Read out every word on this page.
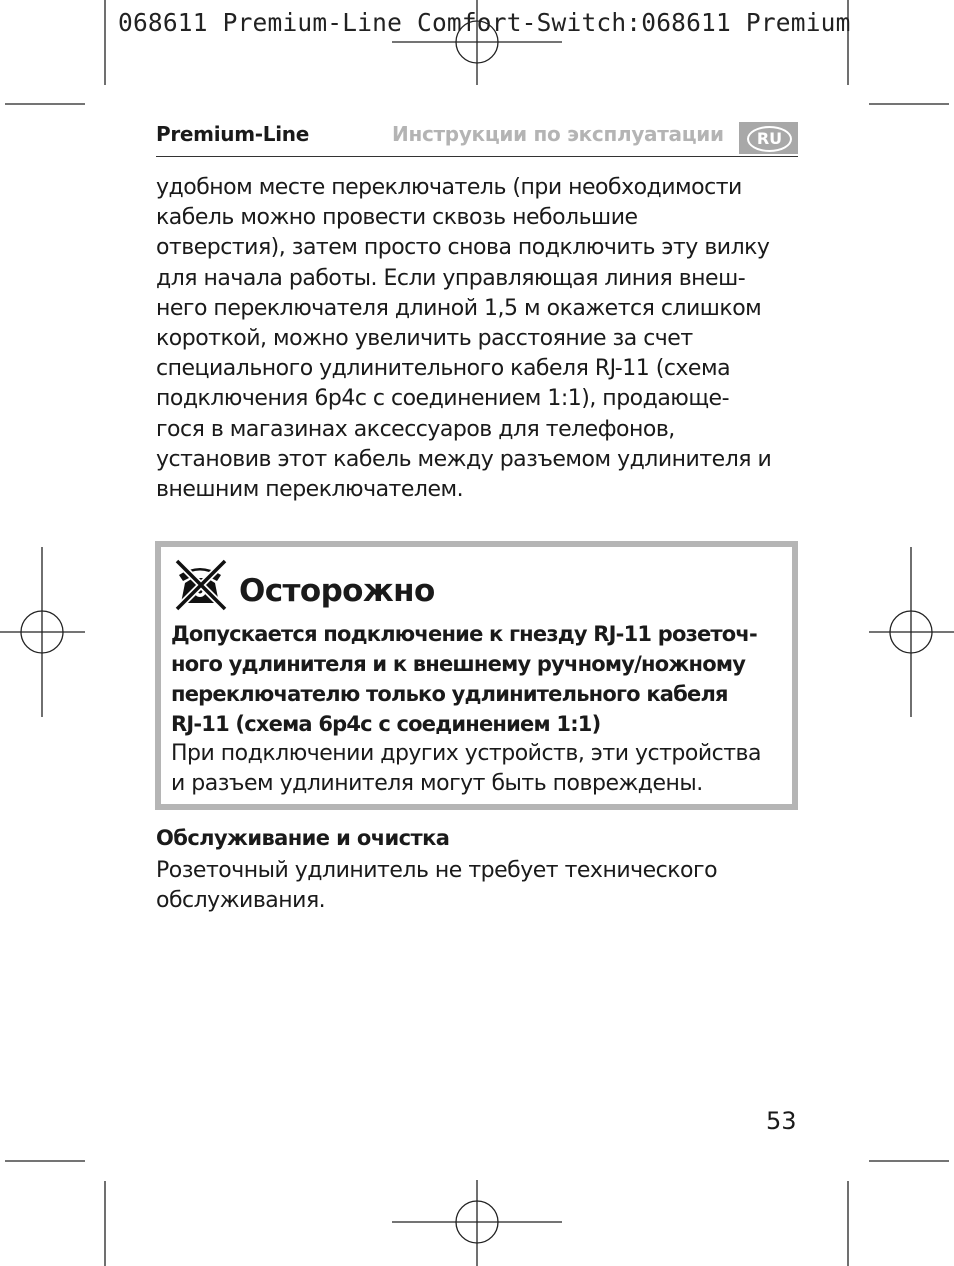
068611 Premium-Line Comfort-Switch:068611 Premium
Premium-Line	Инструкции по эксплуатации	RU
удобном месте переключатель (при необходимости
кабель можно провести сквозь небольшие
отверстия), затем просто снова подключить эту вилку
для начала работы. Если управляющая линия внеш-
него переключателя длиной 1,5 м окажется слишком
короткой, можно увеличить расстояние за счет
специального удлинительного кабеля RJ-11 (схема
подключения 6p4c с соединением 1:1), продающе-
гося в магазинах аксессуаров для телефонов,
установив этот кабель между разъемом удлинителя и
внешним переключателем.
Осторожно
Допускается подключение к гнезду RJ-11 розеточ-
ного удлинителя и к внешнему ручному/ножному
переключателю только удлинительного кабеля
RJ-11 (схема 6p4c с соединением 1:1)
При подключении других устройств, эти устройства
и разъем удлинителя могут быть повреждены.
Обслуживание и очистка
Розеточный удлинитель не требует технического
обслуживания.
53
